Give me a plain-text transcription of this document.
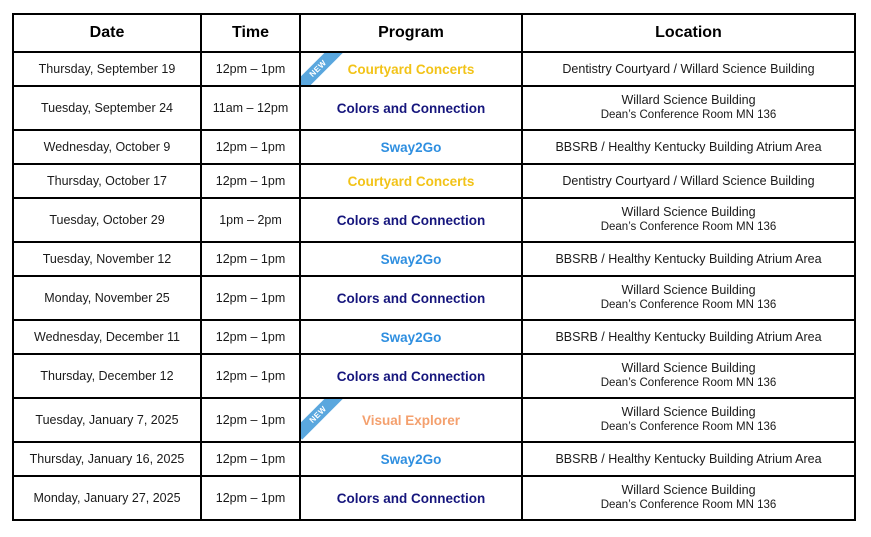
Date	Time	Program	Location
Thursday, September 19	12pm – 1pm	NEW Courtyard Concerts	Dentistry Courtyard / Willard Science Building

Tuesday, September 24	11am – 12pm	Colors and Connection	Willard Science Building
Dean’s Conference Room MN 136

Wednesday, October 9	12pm – 1pm	Sway2Go	BBSRB / Healthy Kentucky Building Atrium Area

Thursday, October 17	12pm – 1pm	Courtyard Concerts	Dentistry Courtyard / Willard Science Building

Tuesday, October 29	1pm – 2pm	Colors and Connection	Willard Science Building
Dean’s Conference Room MN 136

Tuesday, November 12	12pm – 1pm	Sway2Go	BBSRB / Healthy Kentucky Building Atrium Area

Monday, November 25	12pm – 1pm	Colors and Connection	Willard Science Building
Dean’s Conference Room MN 136

Wednesday, December 11	12pm – 1pm	Sway2Go	BBSRB / Healthy Kentucky Building Atrium Area

Thursday, December 12	12pm – 1pm	Colors and Connection	Willard Science Building
Dean’s Conference Room MN 136

Tuesday, January 7, 2025	12pm – 1pm	NEW Visual Explorer	Willard Science Building
Dean’s Conference Room MN 136

Thursday, January 16, 2025	12pm – 1pm	Sway2Go	BBSRB / Healthy Kentucky Building Atrium Area

Monday, January 27, 2025	12pm – 1pm	Colors and Connection	Willard Science Building
Dean’s Conference Room MN 136
